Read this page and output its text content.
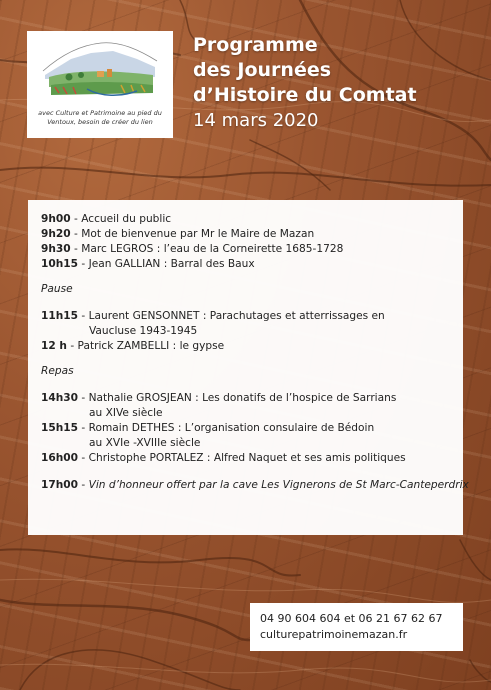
avec Culture et Patrimoine au pied du Ventoux, besoin de créer du lien
Programme
des Journées
d’Histoire du Comtat
14 mars 2020
9h00 - Accueil du public
9h20 - Mot de bienvenue par Mr le Maire de Mazan
9h30 - Marc LEGROS : l’eau de la Corneirette 1685-1728
10h15 - Jean GALLIAN : Barral des Baux
Pause
11h15 - Laurent GENSONNET : Parachutages et atterrissages en
Vaucluse 1943-1945
12 h - Patrick ZAMBELLI : le gypse
Repas
14h30 - Nathalie GROSJEAN : Les donatifs de l’hospice de Sarrians
au XIVe siècle
15h15 - Romain DETHES : L’organisation consulaire de Bédoin
au XVIe -XVIIIe siècle
16h00 - Christophe PORTALEZ : Alfred Naquet et ses amis politiques
17h00 - Vin d’honneur offert par la cave Les Vignerons de St Marc-Canteperdrix
04 90 604 604 et 06 21 67 62 67
culturepatrimoinemazan.fr
